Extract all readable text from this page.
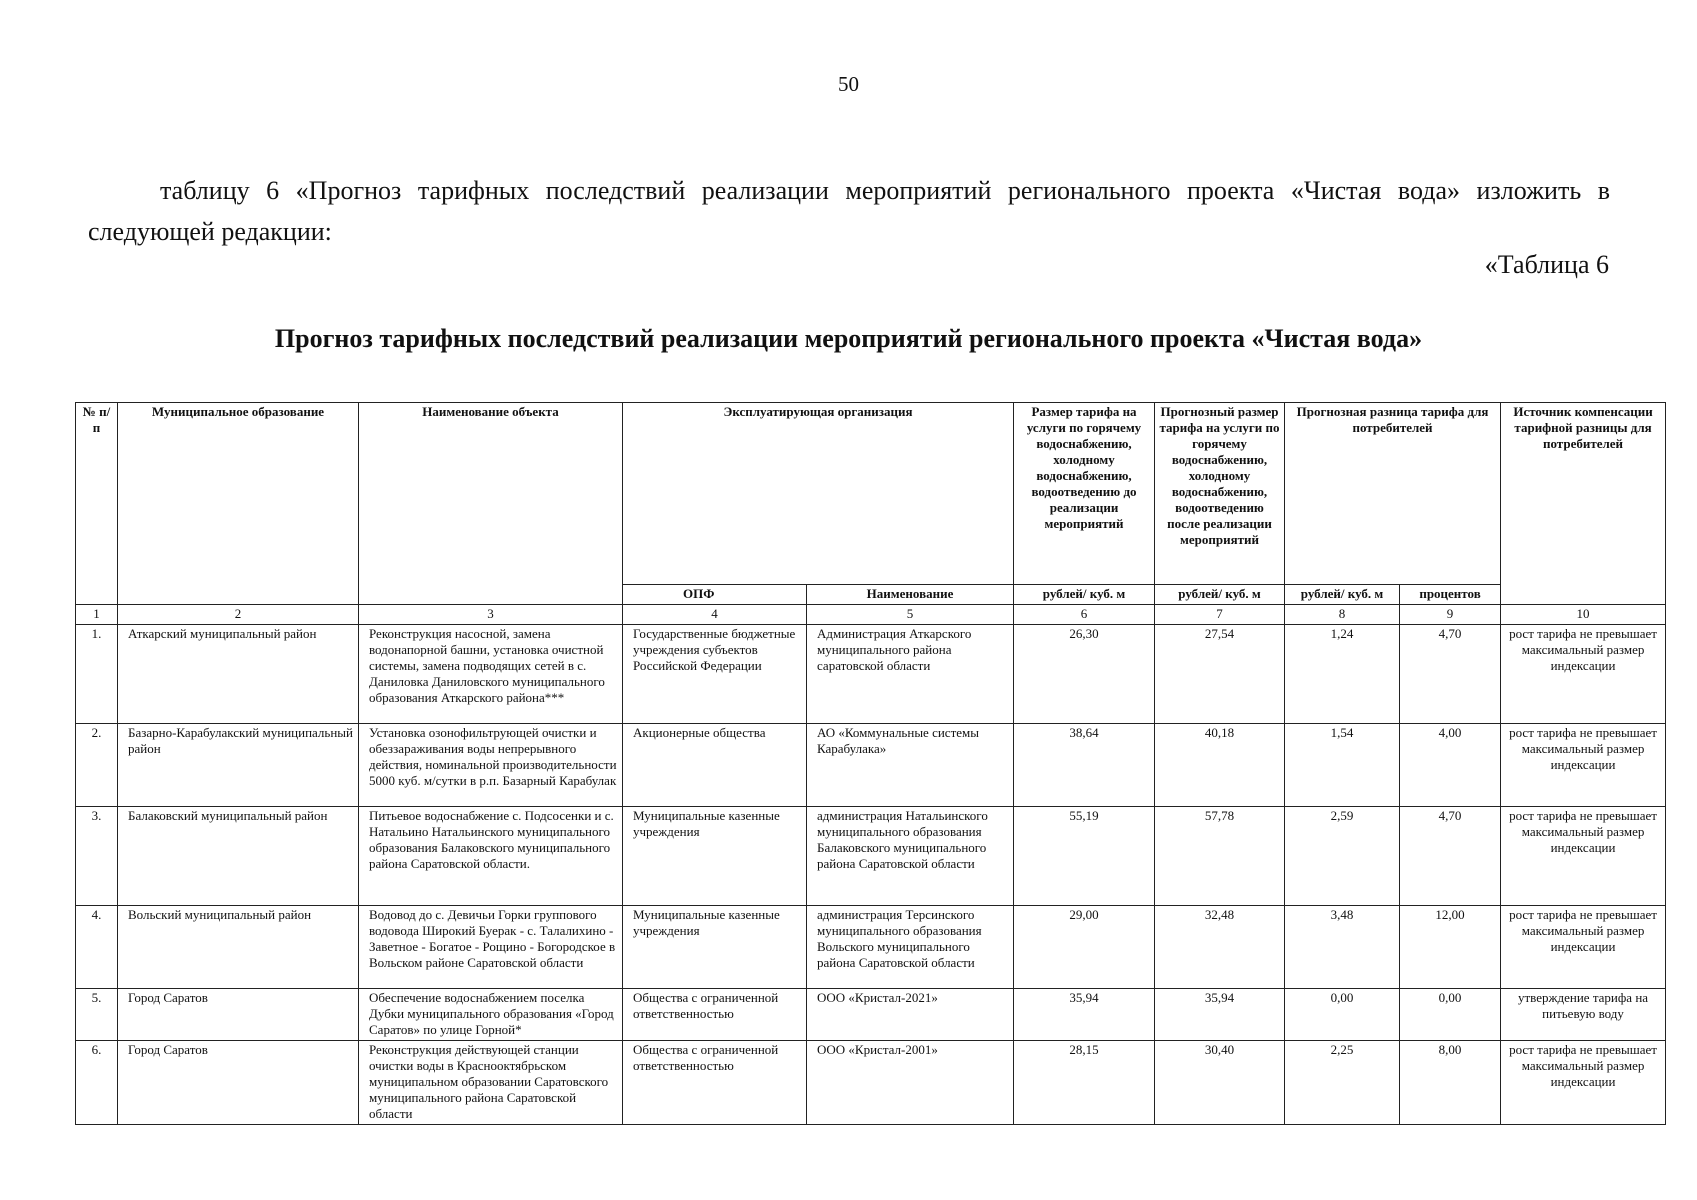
50
таблицу 6 «Прогноз тарифных последствий реализации мероприятий регионального проекта «Чистая вода» изложить в следующей редакции:
«Таблица 6
Прогноз тарифных последствий реализации мероприятий регионального проекта «Чистая вода»
№ п/п	Муниципальное образование	Наименование объекта	Эксплуатирующая организация		Размер тарифа на услуги по горячему водоснабжению, холодному водоснабжению, водоотведению до реализации мероприятий	Прогнозный размер тарифа на услуги по горячему водоснабжению, холодному водоснабжению, водоотведению после реализации мероприятий	Прогнозная разница тарифа для потребителей		Источник компенсации тарифной разницы для потребителей
			ОПФ	Наименование	рублей/ куб. м	рублей/ куб. м	рублей/ куб. м	процентов	
1	2	3	4	5	6	7	8	9	10
1.	Аткарский муниципальный район	Реконструкция насосной, замена водонапорной башни, установка очистной системы, замена подводящих сетей в с. Даниловка Даниловского муниципального образования Аткарского района***	Государственные бюджетные учреждения субъектов Российской Федерации	Администрация Аткарского муниципального района саратовской области	26,30	27,54	1,24	4,70	рост тарифа не превышает максимальный размер индексации
2.	Базарно-Карабулакский муниципальный район	Установка озонофильтрующей очистки и обеззараживания воды непрерывного действия, номинальной производительности 5000 куб. м/сутки в р.п. Базарный Карабулак	Акционерные общества	АО «Коммунальные системы Карабулака»	38,64	40,18	1,54	4,00	рост тарифа не превышает максимальный размер индексации
3.	Балаковский муниципальный район	Питьевое водоснабжение с. Подсосенки и с. Натальино Натальинского муниципального образования Балаковского муниципального района Саратовской области.	Муниципальные казенные учреждения	администрация Натальинского муниципального образования Балаковского муниципального района Саратовской области	55,19	57,78	2,59	4,70	рост тарифа не превышает максимальный размер индексации
4.	Вольский муниципальный район	Водовод до с. Девичьи Горки группового водовода Широкий Буерак - с. Талалихино - Заветное - Богатое - Рощино - Богородское в Вольском районе Саратовской области	Муниципальные казенные учреждения	администрация Терсинского муниципального образования Вольского муниципального района Саратовской области	29,00	32,48	3,48	12,00	рост тарифа не превышает максимальный размер индексации
5.	Город Саратов	Обеспечение водоснабжением поселка Дубки муниципального образования «Город Саратов» по улице Горной*	Общества с ограниченной ответственностью	ООО «Кристал-2021»	35,94	35,94	0,00	0,00	утверждение тарифа на питьевую воду
6.	Город Саратов	Реконструкция действующей станции очистки воды в Краснооктябрьском муниципальном образовании Саратовского муниципального района Саратовской области	Общества с ограниченной ответственностью	ООО «Кристал-2001»	28,15	30,40	2,25	8,00	рост тарифа не превышает максимальный размер индексации
